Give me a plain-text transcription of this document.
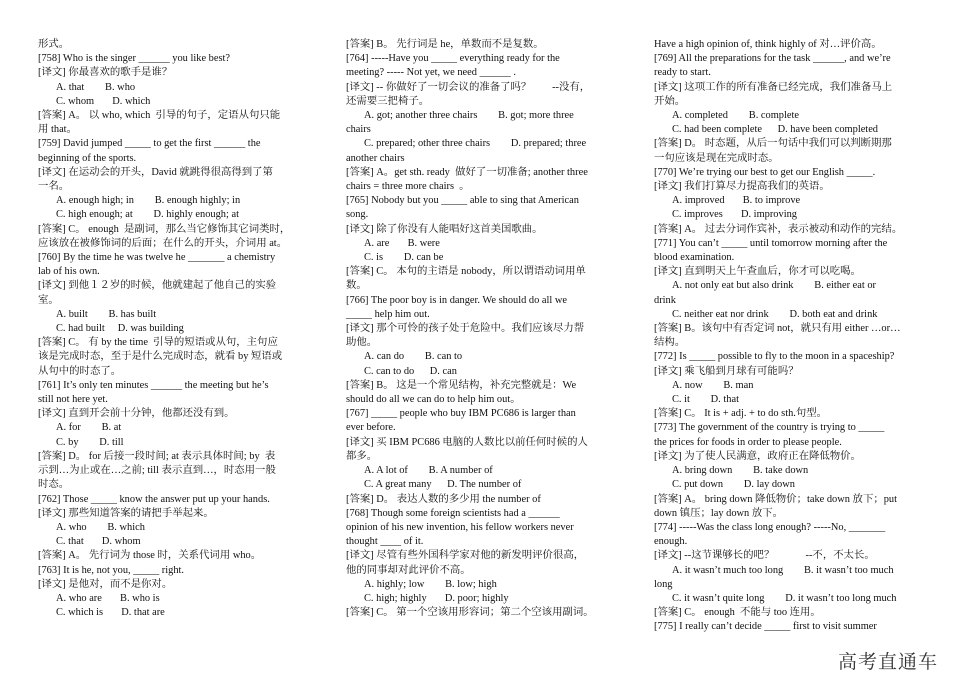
形式。
[758] Who is the singer ______ you like best?
[译文] 你最喜欢的歌手是谁？
A. that        B. who
C. whom       D. which
[答案] A。 以 who, which  引导的句子，定语从句只能
用 that。
[759] David jumped _____ to get the first ______ the
beginning of the sports.
[译文] 在运动会的开头，David 就跳得很高得到了第
一名。
A. enough high; in        B. enough highly; in
C. high enough; at        D. highly enough; at
[答案] C。 enough  是副词，那么当它修饰其它词类时，
应该放在被修饰词的后面；在什么的开头，介词用 at。
[760] By the time he was twelve he _______ a chemistry
lab of his own.
[译文] 到他１２岁的时候，他就建起了他自己的实验
室。
A. built        B. has built
C. had built     D. was building
[答案] C。 有 by the time  引导的短语或从句，主句应
该是完成时态，至于是什么完成时态，就看 by 短语或
从句中的时态了。
[761] It’s only ten minutes ______ the meeting but he’s
still not here yet.
[译文] 直到开会前十分钟，他都还没有到。
A. for        B. at
C. by        D. till
[答案] D。 for 后接一段时间; at 表示具体时间; by  表
示到…为止或在…之前; till 表示直到…，时态用一般
时态。
[762] Those _____ know the answer put up your hands.
[译文] 那些知道答案的请把手举起来。
A. who        B. which
C. that       D. whom
[答案] A。 先行词为 those 时，关系代词用 who。
[763] It is he, not you, _____ right.
[译文] 是他对，而不是你对。
A. who are       B. who is
C. which is       D. that are
[答案] B。 先行词是 he，单数而不是复数。
[764] -----Have you _____ everything ready for the
meeting? ----- Not yet, we need ______ .
[译文] -- 你做好了一切会议的准备了吗？        --没有，
还需要三把椅子。
A. got; another three chairs        B. got; more three
chairs
C. prepared; other three chairs        D. prepared; three
another chairs
[答案] A。get sth. ready  做好了一切准备; another three
chairs = three more chairs  。
[765] Nobody but you _____ able to sing that American
song.
[译文] 除了你没有人能唱好这首美国歌曲。
A. are       B. were
C. is        D. can be
[答案] C。 本句的主语是 nobody，所以谓语动词用单
数。
[766] The poor boy is in danger. We should do all we
_____ help him out.
[译文] 那个可怜的孩子处于危险中。我们应该尽力帮
助他。
A. can do        B. can to
C. can to do      D. can
[答案] B。 这是一个常见结构，补充完整就是：We
should do all we can do to help him out。
[767] _____ people who buy IBM PC686 is larger than
ever before.
[译文] 买 IBM PC686 电脑的人数比以前任何时候的人
都多。
A. A lot of        B. A number of
C. A great many      D. The number of
[答案] D。 表达人数的多少用 the number of
[768] Though some foreign scientists had a ______
opinion of his new invention, his fellow workers never
thought ____ of it.
[译文] 尽管有些外国科学家对他的新发明评价很高，
他的同事却对此评价不高。
A. highly; low        B. low; high
C. high; highly       D. poor; highly
[答案] C。 第一个空该用形容词；第二个空该用副词。
Have a high opinion of, think highly of 对…评价高。
[769] All the preparations for the task ______, and we’re
ready to start.
[译文] 这项工作的所有准备已经完成，我们准备马上
开始。
A. completed        B. complete
C. had been complete      D. have been completed
[答案] D。 时态题，从后一句话中我们可以判断期那
一句应该是现在完成时态。
[770] We’re trying our best to get our English _____.
[译文] 我们打算尽力提高我们的英语。
A. improved       B. to improve
C. improves       D. improving
[答案] A。 过去分词作宾补，表示被动和动作的完结。
[771] You can’t _____ until tomorrow morning after the
blood examination.
[译文] 直到明天上午查血后，你才可以吃喝。
A. not only eat but also drink        B. either eat or
drink
C. neither eat nor drink        D. both eat and drink
[答案] B。该句中有否定词 not，就只有用 either …or…
结构。
[772] Is _____ possible to fly to the moon in a spaceship?
[译文] 乘飞船到月球有可能吗？
A. now        B. man
C. it        D. that
[答案] C。 It is + adj. + to do sth.句型。
[773] The government of the country is trying to _____
the prices for foods in order to please people.
[译文] 为了使人民满意，政府正在降低物价。
A. bring down        B. take down
C. put down        D. lay down
[答案] A。 bring down 降低物价；take down 放下；put
down 镇压；lay down 放下。
[774] -----Was the class long enough? -----No, _______
enough.
[译文] --这节课够长的吧？            --不，不太长。
A. it wasn’t much too long        B. it wasn’t too much
long
C. it wasn’t quite long        D. it wasn’t too long much
[答案] C。 enough  不能与 too 连用。
[775] I really can’t decide _____ first to visit summer
高考直通车
